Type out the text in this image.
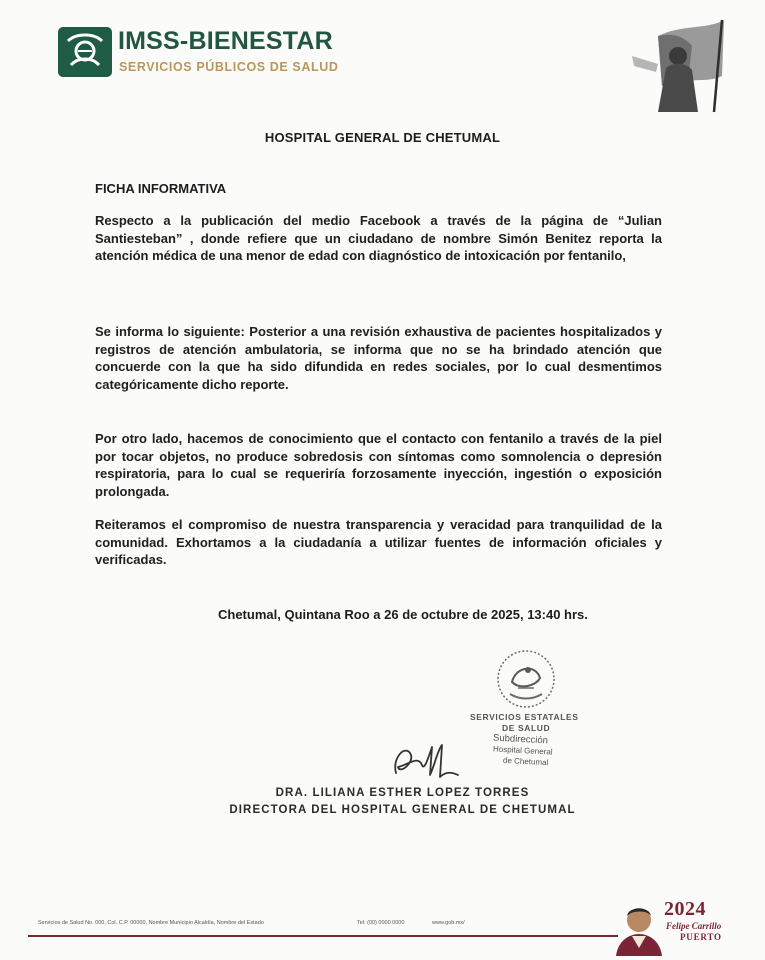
IMSS-BIENESTAR
SERVICIOS PÚBLICOS DE SALUD
HOSPITAL GENERAL DE CHETUMAL
FICHA INFORMATIVA
Respecto a la publicación del medio Facebook a través de la página de “Julian Santiesteban” , donde refiere que un ciudadano de nombre Simón Benitez reporta la atención médica de una menor de edad con diagnóstico de intoxicación por fentanilo,
Se informa lo siguiente: Posterior a una revisión exhaustiva de pacientes hospitalizados y registros de atención ambulatoria, se informa que no se ha brindado atención que concuerde con la que ha sido difundida en redes sociales, por lo cual desmentimos categóricamente dicho reporte.
Por otro lado, hacemos de conocimiento que el contacto con fentanilo a través de la piel por tocar objetos, no produce sobredosis con síntomas como somnolencia o depresión respiratoria, para lo cual se requeriría forzosamente inyección, ingestión o exposición prolongada.
Reiteramos el compromiso de nuestra transparencia y veracidad para tranquilidad de la comunidad. Exhortamos a la ciudadanía a utilizar fuentes de información oficiales y verificadas.
Chetumal, Quintana Roo a 26 de octubre de 2025, 13:40 hrs.
SERVICIOS ESTATALES
DE SALUD
Subdirección
Hospital General
de Chetumal
DRA. LILIANA ESTHER LOPEZ TORRES
DIRECTORA DEL HOSPITAL GENERAL DE CHETUMAL
Servicios de Salud No. 000, Col. C.P. 00000, Nombre Municipio Alcaldía, Nombre del Estado	Tel: (00) 0000 0000	www.gob.mx/
2024
Felipe Carrillo
PUERTO
